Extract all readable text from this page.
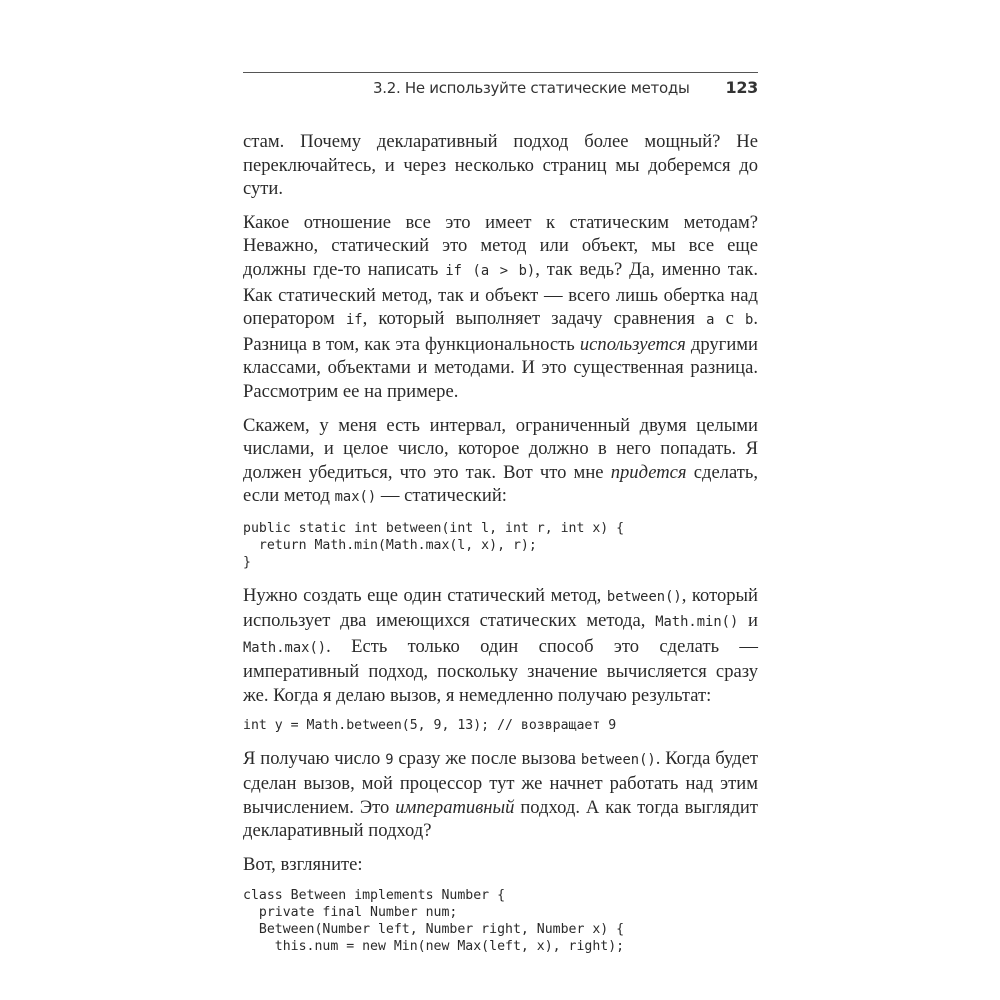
3.2. Не используйте статические методы 123

стам. Почему декларативный подход более мощный? Не переключайтесь, и через несколько страниц мы доберемся до сути.

Какое отношение все это имеет к статическим методам? Неважно, статический это метод или объект, мы все еще должны где-то написать if (a > b), так ведь? Да, именно так. Как статический метод, так и объект — всего лишь обертка над оператором if, который выполняет задачу сравнения a с b. Разница в том, как эта функциональность используется другими классами, объектами и методами. И это существенная разница. Рассмотрим ее на примере.

Скажем, у меня есть интервал, ограниченный двумя целыми числами, и целое число, которое должно в него попадать. Я должен убедиться, что это так. Вот что мне придется сделать, если метод max() — статический:

public static int between(int l, int r, int x) {
return Math.min(Math.max(l, x), r);
}

Нужно создать еще один статический метод, between(), который использует два имеющихся статических метода, Math.min() и Math.max(). Есть только один способ это сделать — императивный подход, поскольку значение вычисляется сразу же. Когда я делаю вызов, я немедленно получаю результат:

int y = Math.between(5, 9, 13); // возвращает 9

Я получаю число 9 сразу же после вызова between(). Когда будет сделан вызов, мой процессор тут же начнет работать над этим вычислением. Это императивный подход. А как тогда выглядит декларативный подход?

Вот, взгляните:

class Between implements Number {
private final Number num;
Between(Number left, Number right, Number x) {
this.num = new Min(new Max(left, x), right);
